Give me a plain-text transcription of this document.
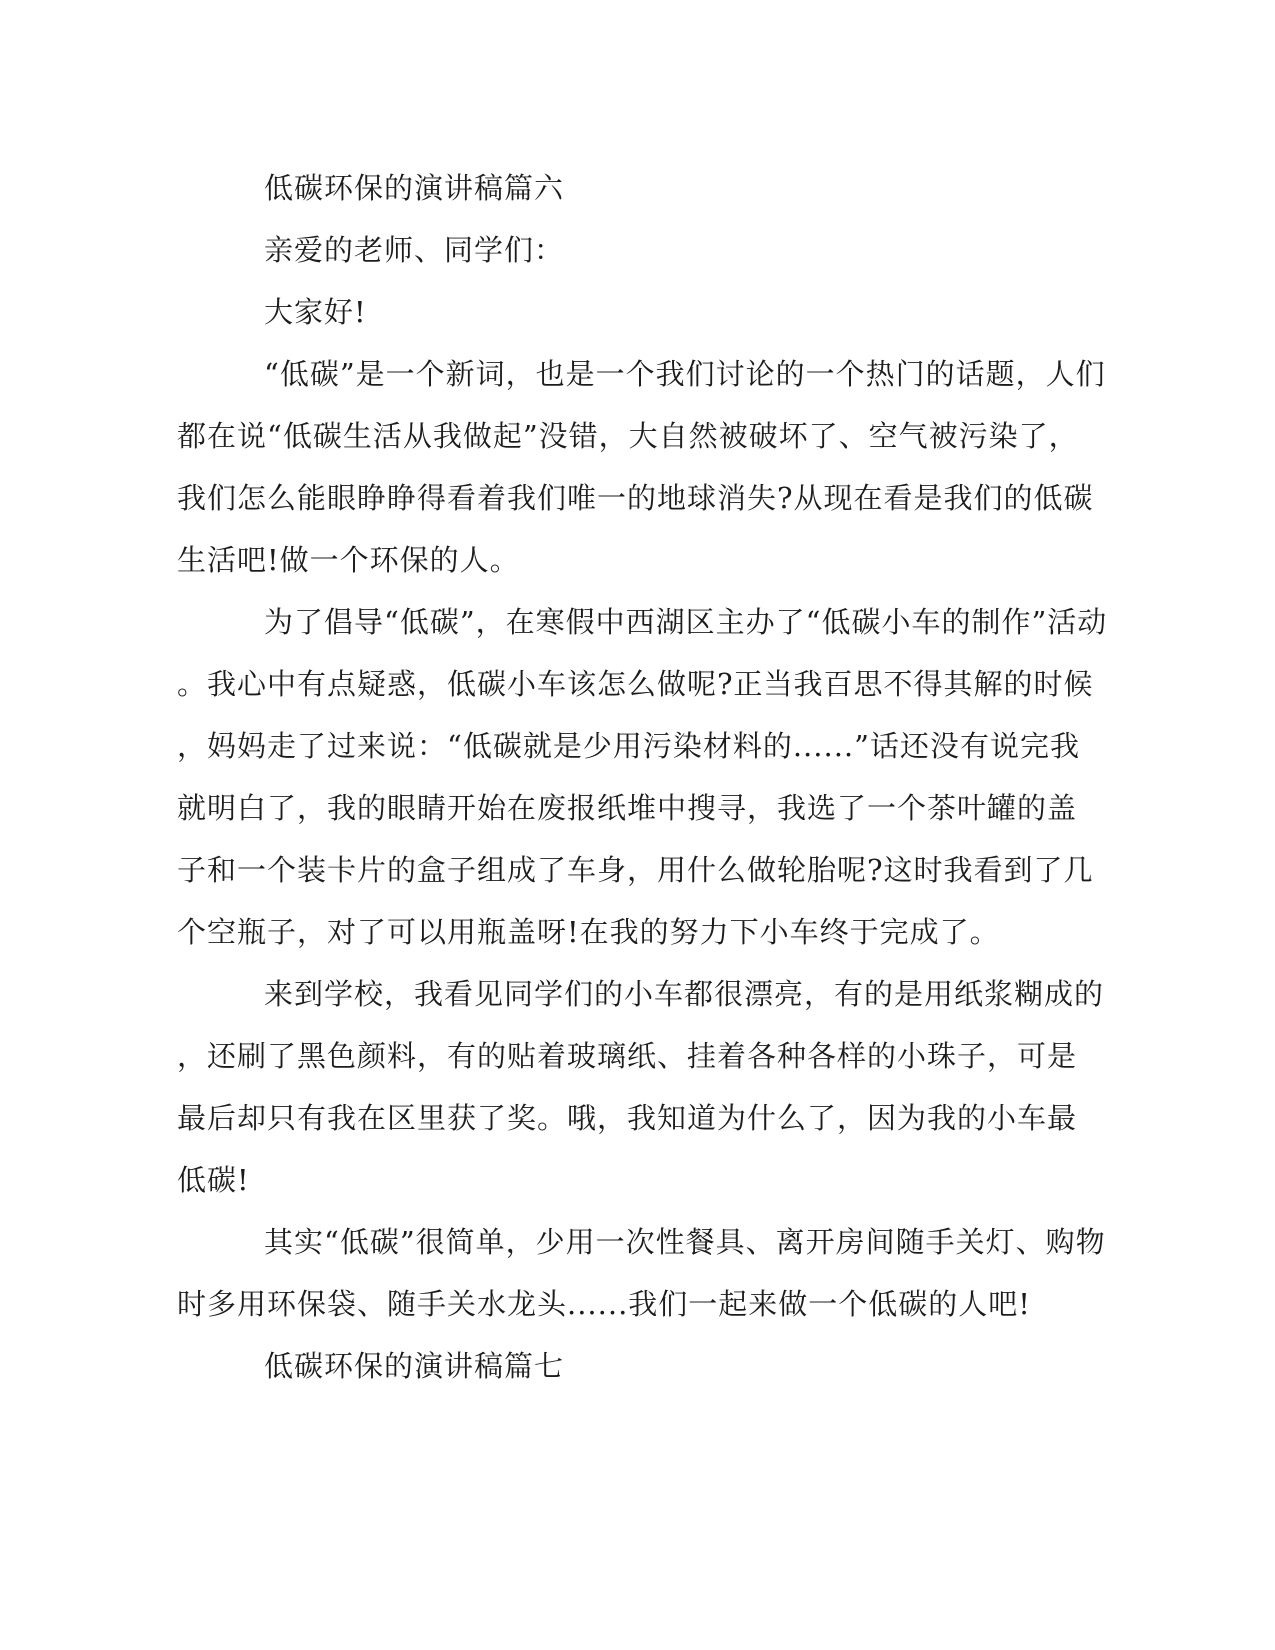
低碳环保的演讲稿篇六
亲爱的老师、同学们：
大家好!
“低碳”是一个新词，也是一个我们讨论的一个热门的话题，人们
都在说“低碳生活从我做起”没错，大自然被破坏了、空气被污染了，
我们怎么能眼睁睁得看着我们唯一的地球消失?从现在看是我们的低碳
生活吧!做一个环保的人。
为了倡导“低碳”，在寒假中西湖区主办了“低碳小车的制作”活动
。我心中有点疑惑，低碳小车该怎么做呢?正当我百思不得其解的时候
，妈妈走了过来说：“低碳就是少用污染材料的......”话还没有说完我
就明白了，我的眼睛开始在废报纸堆中搜寻，我选了一个茶叶罐的盖
子和一个装卡片的盒子组成了车身，用什么做轮胎呢?这时我看到了几
个空瓶子，对了可以用瓶盖呀!在我的努力下小车终于完成了。
来到学校，我看见同学们的小车都很漂亮，有的是用纸浆糊成的
，还刷了黑色颜料，有的贴着玻璃纸、挂着各种各样的小珠子，可是
最后却只有我在区里获了奖。哦，我知道为什么了，因为我的小车最
低碳!
其实“低碳”很简单，少用一次性餐具、离开房间随手关灯、购物
时多用环保袋、随手关水龙头......我们一起来做一个低碳的人吧!
低碳环保的演讲稿篇七
